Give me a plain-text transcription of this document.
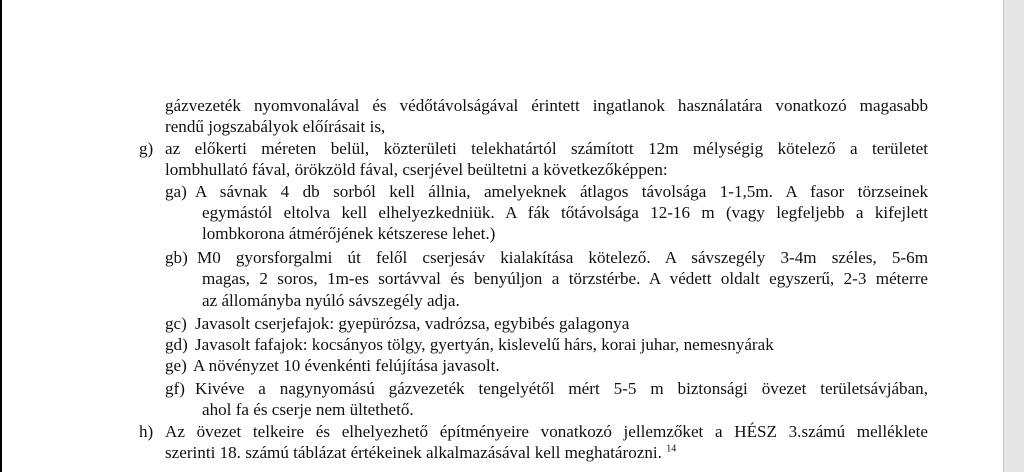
gázvezeték nyomvonalával és védőtávolságával érintett ingatlanok használatára vonatkozó magasabb
rendű jogszabályok előírásait is,
g) az előkerti méreten belül, közterületi telekhatártól számított 12m mélységig kötelező a területet
lombhullató fával, örökzöld fával, cserjével beültetni a következőképpen:
ga) A sávnak 4 db sorból kell állnia, amelyeknek átlagos távolsága 1-1,5m. A fasor törzseinek
egymástól eltolva kell elhelyezkedniük. A fák tőtávolsága 12-16 m (vagy legfeljebb a kifejlett
lombkorona átmérőjének kétszerese lehet.)
gb) M0 gyorsforgalmi út felől cserjesáv kialakítása kötelező. A sávszegély 3-4m széles, 5-6m
magas, 2 soros, 1m-es sortávval és benyúljon a törzstérbe. A védett oldalt egyszerű, 2-3 méterre
az állományba nyúló sávszegély adja.
gc) Javasolt cserjefajok: gyepürózsa, vadrózsa, egybibés galagonya
gd) Javasolt fafajok: kocsányos tölgy, gyertyán, kislevelű hárs, korai juhar, nemesnyárak
ge) A növényzet 10 évenkénti felújítása javasolt.
gf) Kivéve a nagynyomású gázvezeték tengelyétől mért 5-5 m biztonsági övezet területsávjában,
ahol fa és cserje nem ültethető.
h) Az övezet telkeire és elhelyezhető építményeire vonatkozó jellemzőket a HÉSZ 3.számú melléklete
szerinti 18. számú táblázat értékeinek alkalmazásával kell meghatározni. $^{14}$
